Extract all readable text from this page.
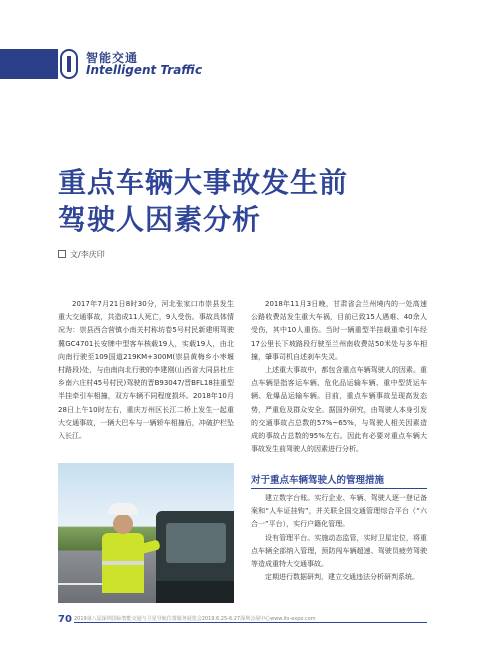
智能交通
Intelligent Traffic
重点车辆大事故发生前
驾驶人因素分析
文/李庆印

2017年7月21日8时30分，河北张家口市崇县发生重大交通事故，共造成11人死亡，9人受伤。事故具体情况为：崇县西合营镇小南关村称坊卷5号村民新建明驾驶冀GC4701长安牌中型客车核载19人，实载19人，由北向南行驶至109国道219KM+300M(崇县黄梅乡小枣堰村路段)处，与由南向北行驶的李建刚(山西省大同县杜庄乡南六庄村45号村民)驾驶的晋B93047/晋BFL18挂重型半挂牵引车相撞，双方车辆不同程度损坏。2018年10月28日上午10时左右，重庆万州区长江二桥上发生一起重大交通事故，一辆大巴车与一辆轿车相撞后，冲破护栏坠入长江。

2018年11月3日晚，甘肃省会兰州境内的一处高速公路收费站发生重大车祸，目前已致15人遇难、40余人受伤，其中10人重伤。当时一辆重型半挂载重牵引车经17公里长下坡路段行驶至兰州南收费站50米处与多车相撞，肇事司机自述刹车失灵。

上述重大事故中，都包含重点车辆驾驶人的因素。重点车辆是指客运车辆、危化品运输车辆、重中型货运车辆、危爆品运输车辆。目前，重点车辆事故呈现高发态势，严重危及群众安全。据国外研究，由驾驶人本身引发的交通事故占总数的57%~65%，与驾驶人相关因素造成的事故占总数的95%左右。因此有必要对重点车辆大事故发生前驾驶人的因素进行分析。

对于重点车辆驾驶人的管理措施

建立数字台账。实行企业、车辆、驾驶人逐一登记备案和“人车证挂钩”，并关联全国交通管理综合平台（“六合一”平台），实行户籍化管理。

设有管理平台。实施动态监管，实时卫星定位，将重点车辆全部纳入管理，预防闯车辆超速、驾驶员疲劳驾驶等造成重特大交通事故。

定期进行数据研判，建立交通违法分析研判系统。

70 2019第八届深圳国际智能交通与卫星导航位置服务展览会2019.6.25-6.27深圳会展中心www.its-expo.com
